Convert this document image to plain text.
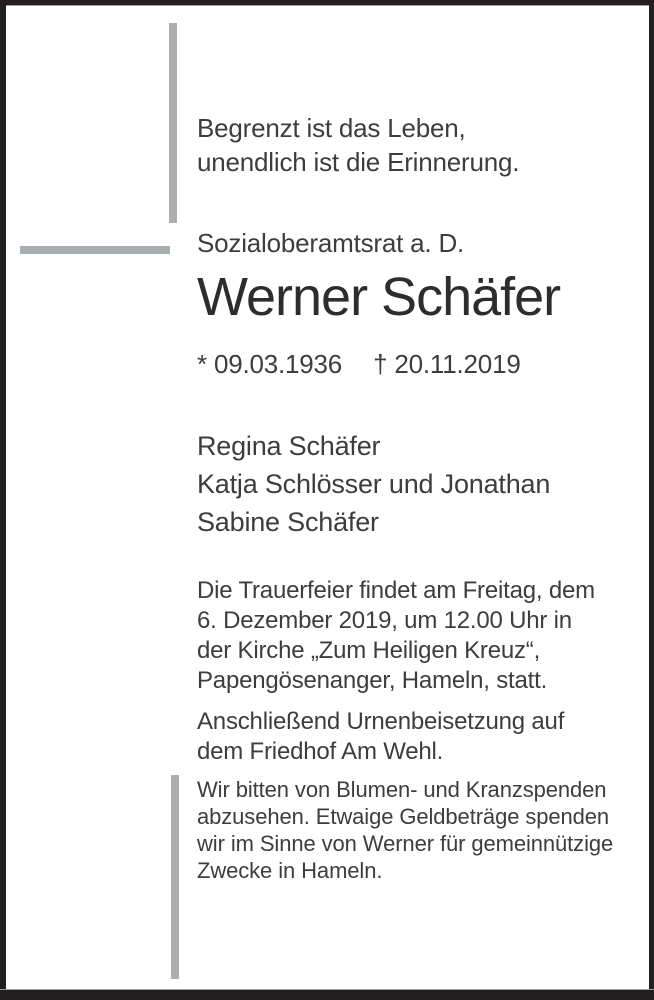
Begrenzt ist das Leben,
unendlich ist die Erinnerung.
Sozialoberamtsrat a. D.
Werner Schäfer
* 09.03.1936 † 20.11.2019
Regina Schäfer
Katja Schlösser und Jonathan
Sabine Schäfer
Die Trauerfeier findet am Freitag, dem
6. Dezember 2019, um 12.00 Uhr in
der Kirche „Zum Heiligen Kreuz“,
Papengösenanger, Hameln, statt.
Anschließend Urnenbeisetzung auf
dem Friedhof Am Wehl.
Wir bitten von Blumen- und Kranzspenden
abzusehen. Etwaige Geldbeträge spenden
wir im Sinne von Werner für gemeinnützige
Zwecke in Hameln.
